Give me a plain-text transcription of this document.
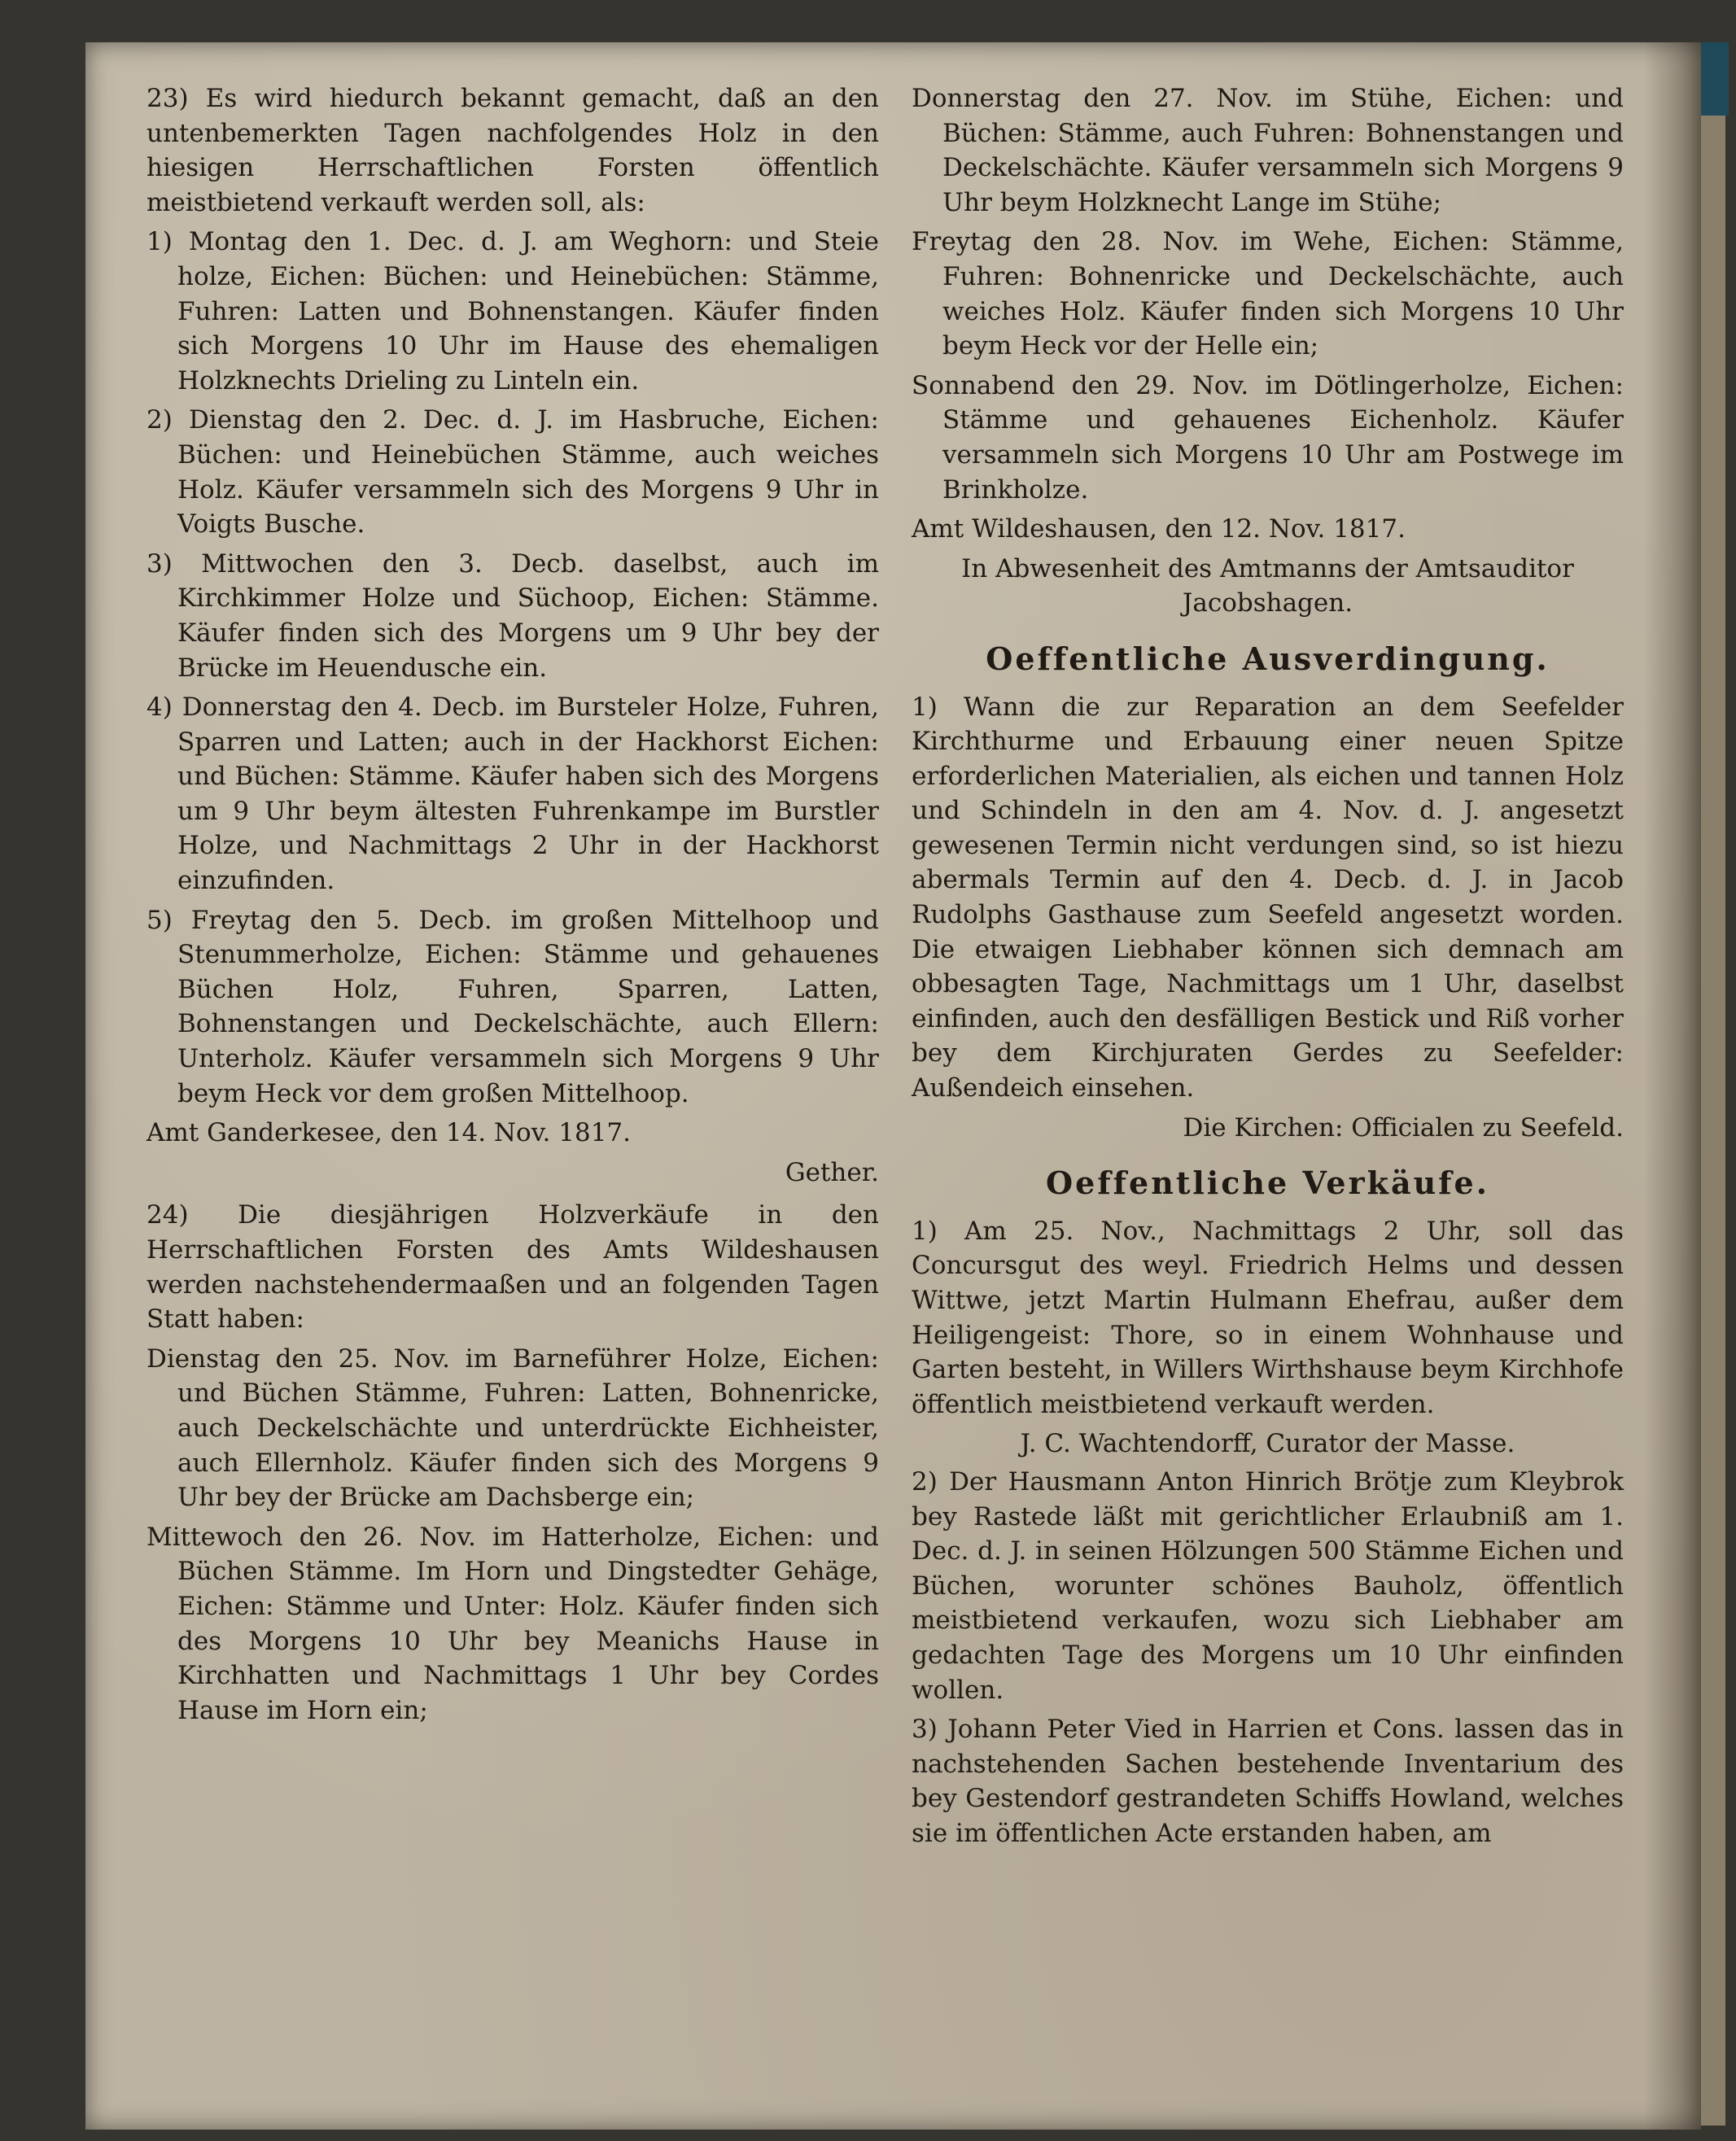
23) Es wird hiedurch bekannt gemacht, daß an den untenbemerkten Tagen nachfolgendes Holz in den hiesigen Herrschaftlichen Forsten öffentlich meistbietend verkauft werden soll, als:

1) Montag den 1. Dec. d. J. am Weghorn: und Steie holze, Eichen: Büchen: und Heinebüchen: Stämme, Fuhren: Latten und Bohnenstangen. Käufer finden sich Morgens 10 Uhr im Hause des ehemaligen Holzknechts Drieling zu Linteln ein.

2) Dienstag den 2. Dec. d. J. im Hasbruche, Eichen: Büchen: und Heinebüchen Stämme, auch weiches Holz. Käufer versammeln sich des Morgens 9 Uhr in Voigts Busche.

3) Mittwochen den 3. Decb. daselbst, auch im Kirchkimmer Holze und Süchoop, Eichen: Stämme. Käufer finden sich des Morgens um 9 Uhr bey der Brücke im Heuendusche ein.

4) Donnerstag den 4. Decb. im Bursteler Holze, Fuhren, Sparren und Latten; auch in der Hackhorst Eichen: und Büchen: Stämme. Käufer haben sich des Morgens um 9 Uhr beym ältesten Fuhrenkampe im Burstler Holze, und Nachmittags 2 Uhr in der Hackhorst einzufinden.

5) Freytag den 5. Decb. im großen Mittelhoop und Stenummerholze, Eichen: Stämme und gehauenes Büchen Holz, Fuhren, Sparren, Latten, Bohnenstangen und Deckelschächte, auch Ellern: Unterholz. Käufer versammeln sich Morgens 9 Uhr beym Heck vor dem großen Mittelhoop.

Amt Ganderkesee, den 14. Nov. 1817.

Gether.

24) Die diesjährigen Holzverkäufe in den Herrschaftlichen Forsten des Amts Wildeshausen werden nachstehendermaaßen und an folgenden Tagen Statt haben:

Dienstag den 25. Nov. im Barneführer Holze, Eichen: und Büchen Stämme, Fuhren: Latten, Bohnenricke, auch Deckelschächte und unterdrückte Eichheister, auch Ellernholz. Käufer finden sich des Morgens 9 Uhr bey der Brücke am Dachsberge ein;

Mittewoch den 26. Nov. im Hatterholze, Eichen: und Büchen Stämme. Im Horn und Dingstedter Gehäge, Eichen: Stämme und Unter: Holz. Käufer finden sich des Morgens 10 Uhr bey Meanichs Hause in Kirchhatten und Nachmittags 1 Uhr bey Cordes Hause im Horn ein;

Donnerstag den 27. Nov. im Stühe, Eichen: und Büchen: Stämme, auch Fuhren: Bohnenstangen und Deckelschächte. Käufer versammeln sich Morgens 9 Uhr beym Holzknecht Lange im Stühe;

Freytag den 28. Nov. im Wehe, Eichen: Stämme, Fuhren: Bohnenricke und Deckelschächte, auch weiches Holz. Käufer finden sich Morgens 10 Uhr beym Heck vor der Helle ein;

Sonnabend den 29. Nov. im Dötlingerholze, Eichen: Stämme und gehauenes Eichenholz. Käufer versammeln sich Morgens 10 Uhr am Postwege im Brinkholze.

Amt Wildeshausen, den 12. Nov. 1817.

In Abwesenheit des Amtmanns der Amtsauditor Jacobshagen.

Oeffentliche Ausverdingung.

1) Wann die zur Reparation an dem Seefelder Kirchthurme und Erbauung einer neuen Spitze erforderlichen Materialien, als eichen und tannen Holz und Schindeln in den am 4. Nov. d. J. angesetzt gewesenen Termin nicht verdungen sind, so ist hiezu abermals Termin auf den 4. Decb. d. J. in Jacob Rudolphs Gasthause zum Seefeld angesetzt worden. Die etwaigen Liebhaber können sich demnach am obbesagten Tage, Nachmittags um 1 Uhr, daselbst einfinden, auch den desfälligen Bestick und Riß vorher bey dem Kirchjuraten Gerdes zu Seefelder: Außendeich einsehen.

Die Kirchen: Officialen zu Seefeld.

Oeffentliche Verkäufe.

1) Am 25. Nov., Nachmittags 2 Uhr, soll das Concursgut des weyl. Friedrich Helms und dessen Wittwe, jetzt Martin Hulmann Ehefrau, außer dem Heiligengeist: Thore, so in einem Wohnhause und Garten besteht, in Willers Wirthshause beym Kirchhofe öffentlich meistbietend verkauft werden.

J. C. Wachtendorff, Curator der Masse.

2) Der Hausmann Anton Hinrich Brötje zum Kleybrok bey Rastede läßt mit gerichtlicher Erlaubniß am 1. Dec. d. J. in seinen Hölzungen 500 Stämme Eichen und Büchen, worunter schönes Bauholz, öffentlich meistbietend verkaufen, wozu sich Liebhaber am gedachten Tage des Morgens um 10 Uhr einfinden wollen.

3) Johann Peter Vied in Harrien et Cons. lassen das in nachstehenden Sachen bestehende Inventarium des bey Gestendorf gestrandeten Schiffs Howland, welches sie im öffentlichen Acte erstanden haben, am
